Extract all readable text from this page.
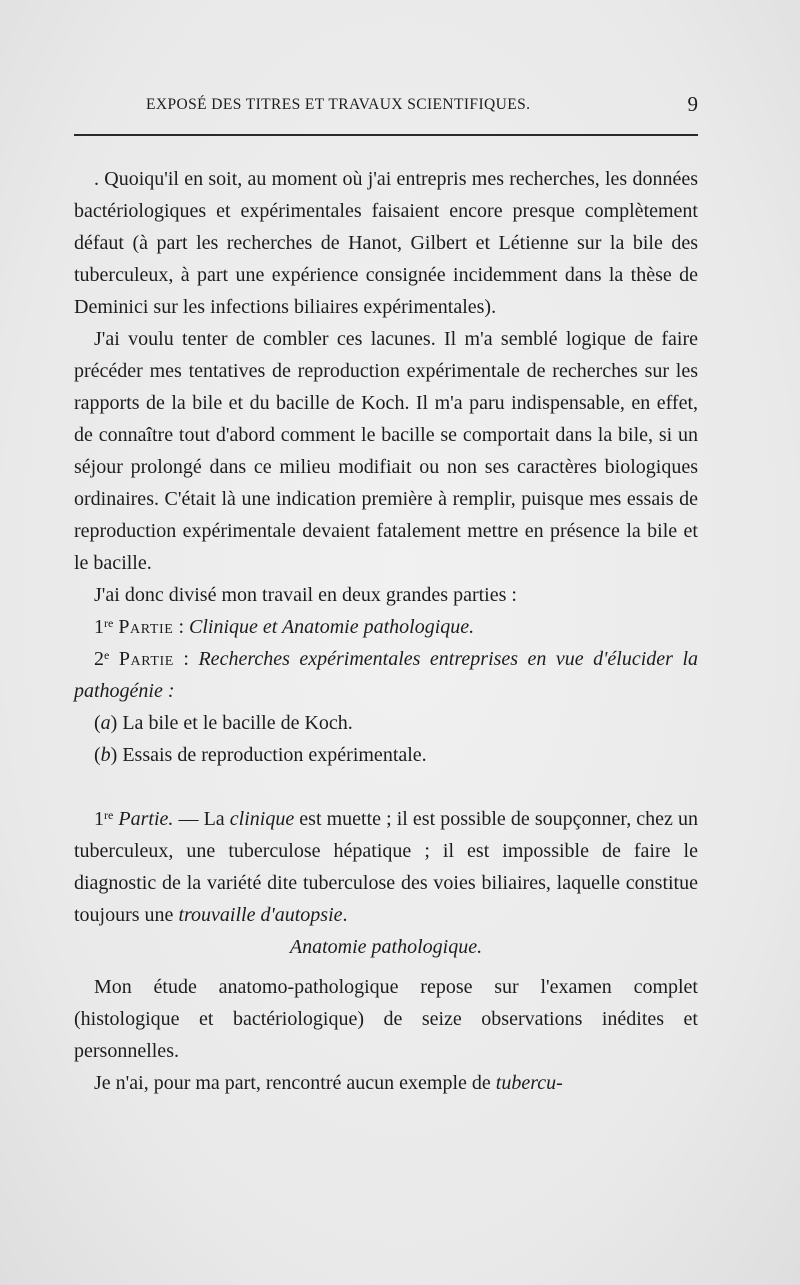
EXPOSÉ DES TITRES ET TRAVAUX SCIENTIFIQUES.	9

. Quoiqu'il en soit, au moment où j'ai entrepris mes recherches, les données bactériologiques et expérimentales faisaient encore presque complètement défaut (à part les recherches de Hanot, Gilbert et Létienne sur la bile des tuberculeux, à part une expérience consignée incidemment dans la thèse de Deminici sur les infections biliaires expérimentales).

J'ai voulu tenter de combler ces lacunes. Il m'a semblé logique de faire précéder mes tentatives de reproduction expérimentale de recherches sur les rapports de la bile et du bacille de Koch. Il m'a paru indispensable, en effet, de connaître tout d'abord comment le bacille se comportait dans la bile, si un séjour prolongé dans ce milieu modifiait ou non ses caractères biologiques ordinaires. C'était là une indication première à remplir, puisque mes essais de reproduction expérimentale devaient fatalement mettre en présence la bile et le bacille.

J'ai donc divisé mon travail en deux grandes parties :

1re Partie : Clinique et Anatomie pathologique.

2e Partie : Recherches expérimentales entreprises en vue d'élucider la pathogénie :

(a) La bile et le bacille de Koch.

(b) Essais de reproduction expérimentale.

1re Partie. — La clinique est muette ; il est possible de soupçonner, chez un tuberculeux, une tuberculose hépatique ; il est impossible de faire le diagnostic de la variété dite tuberculose des voies biliaires, laquelle constitue toujours une trouvaille d'autopsie.

Anatomie pathologique.

Mon étude anatomo-pathologique repose sur l'examen complet (histologique et bactériologique) de seize observations inédites et personnelles.

Je n'ai, pour ma part, rencontré aucun exemple de tubercu-
